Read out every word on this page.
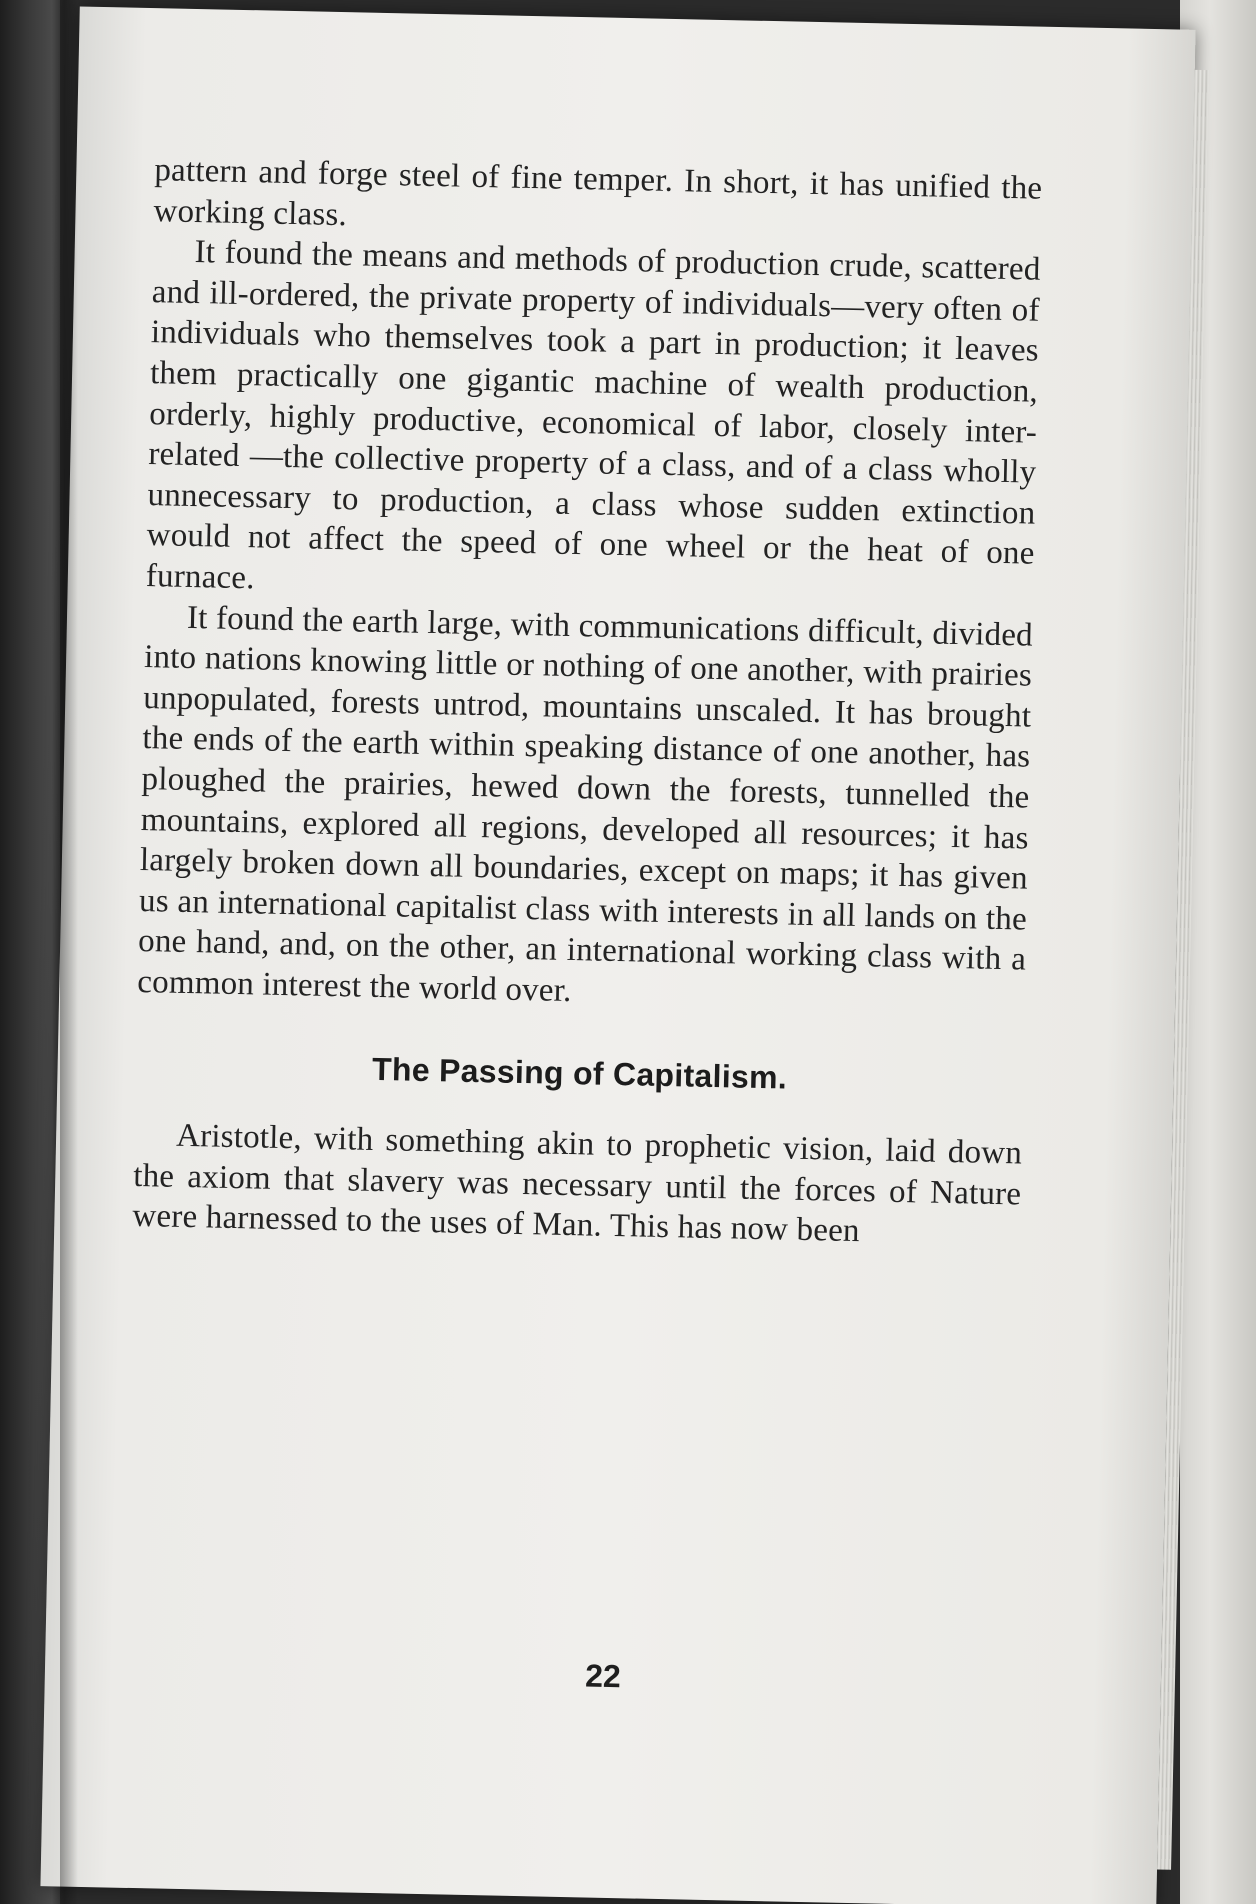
pattern and forge steel of fine temper. In short, it has unified the working class.

It found the means and methods of production crude, scattered and ill-ordered, the private property of individuals—very often of individuals who themselves took a part in production; it leaves them practically one gigantic machine of wealth production, orderly, highly productive, economical of labor, closely inter-related —the collective property of a class, and of a class wholly unnecessary to production, a class whose sudden extinction would not affect the speed of one wheel or the heat of one furnace.

It found the earth large, with communications difficult, divided into nations knowing little or nothing of one another, with prairies unpopulated, forests untrod, mountains unscaled. It has brought the ends of the earth within speaking distance of one another, has ploughed the prairies, hewed down the forests, tunnelled the mountains, explored all regions, developed all resources; it has largely broken down all boundaries, except on maps; it has given us an international capitalist class with interests in all lands on the one hand, and, on the other, an international working class with a common interest the world over.

The Passing of Capitalism.

Aristotle, with something akin to prophetic vision, laid down the axiom that slavery was necessary until the forces of Nature were harnessed to the uses of Man. This has now been

22
